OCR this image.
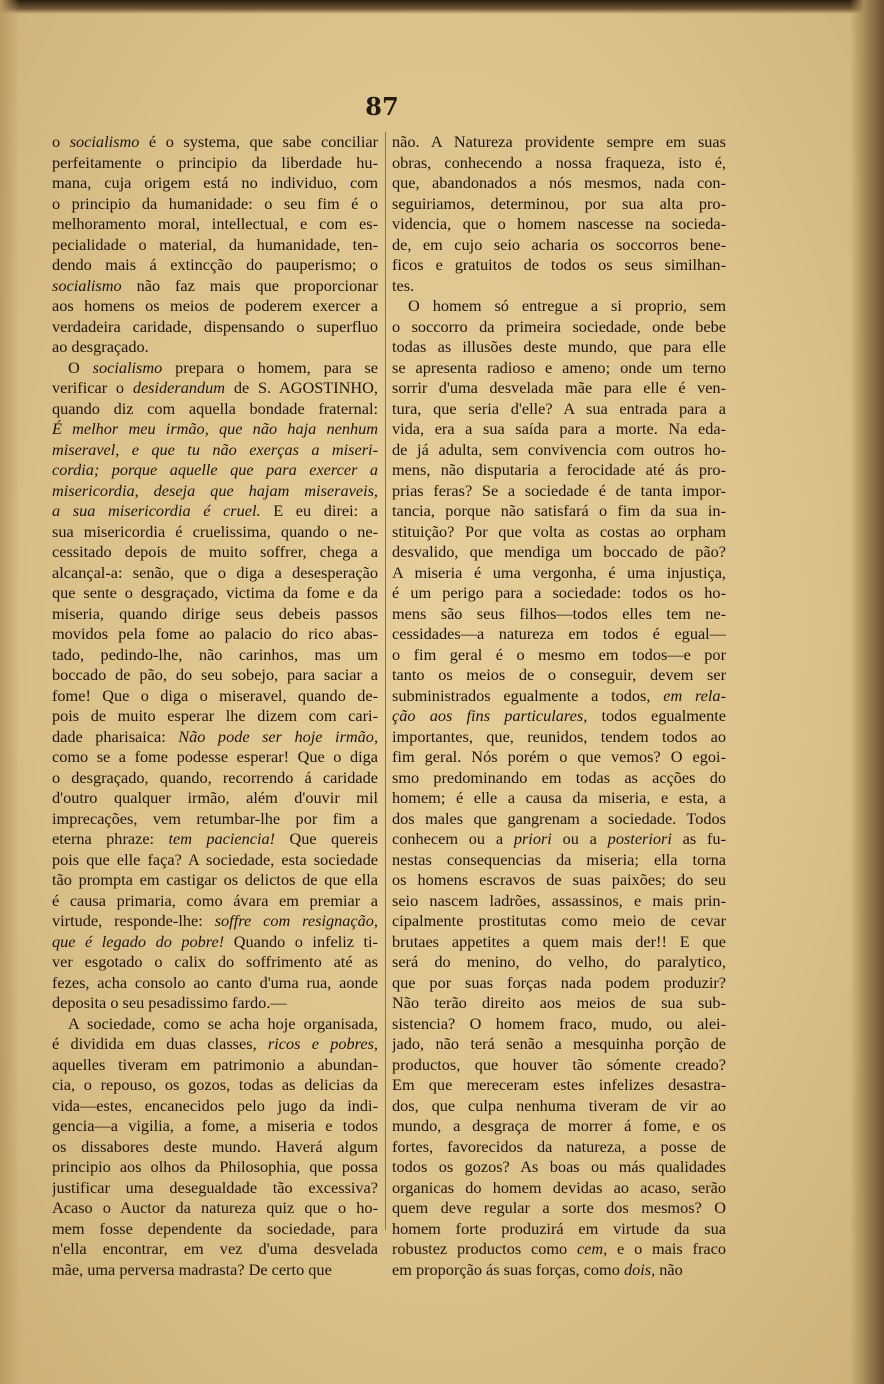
87
o socialismo é o systema, que sabe conciliar
perfeitamente o principio da liberdade hu-
mana, cuja origem está no individuo, com
o principio da humanidade: o seu fim é o
melhoramento moral, intellectual, e com es-
pecialidade o material, da humanidade, ten-
dendo mais á extincção do pauperismo; o
socialismo não faz mais que proporcionar
aos homens os meios de poderem exercer a
verdadeira caridade, dispensando o superfluo
ao desgraçado.
O socialismo prepara o homem, para se
verificar o desiderandum de S. AGOSTINHO,
quando diz com aquella bondade fraternal:
É melhor meu irmão, que não haja nenhum
miseravel, e que tu não exerças a miseri-
cordia; porque aquelle que para exercer a
misericordia, deseja que hajam miseraveis,
a sua misericordia é cruel. E eu direi: a
sua misericordia é cruelissima, quando o ne-
cessitado depois de muito soffrer, chega a
alcançal-a: senão, que o diga a desesperação
que sente o desgraçado, victima da fome e da
miseria, quando dirige seus debeis passos
movidos pela fome ao palacio do rico abas-
tado, pedindo-lhe, não carinhos, mas um
boccado de pão, do seu sobejo, para saciar a
fome! Que o diga o miseravel, quando de-
pois de muito esperar lhe dizem com cari-
dade pharisaica: Não pode ser hoje irmão,
como se a fome podesse esperar! Que o diga
o desgraçado, quando, recorrendo á caridade
d'outro qualquer irmão, além d'ouvir mil
imprecações, vem retumbar-lhe por fim a
eterna phraze: tem paciencia! Que quereis
pois que elle faça? A sociedade, esta sociedade
tão prompta em castigar os delictos de que ella
é causa primaria, como ávara em premiar a
virtude, responde-lhe: soffre com resignação,
que é legado do pobre! Quando o infeliz ti-
ver esgotado o calix do soffrimento até as
fezes, acha consolo ao canto d'uma rua, aonde
deposita o seu pesadissimo fardo.—
A sociedade, como se acha hoje organisada,
é dividida em duas classes, ricos e pobres,
aquelles tiveram em patrimonio a abundan-
cia, o repouso, os gozos, todas as delicias da
vida—estes, encanecidos pelo jugo da indi-
gencia—a vigilia, a fome, a miseria e todos
os dissabores deste mundo. Haverá algum
principio aos olhos da Philosophia, que possa
justificar uma desegualdade tão excessiva?
Acaso o Auctor da natureza quiz que o ho-
mem fosse dependente da sociedade, para
n'ella encontrar, em vez d'uma desvelada
mãe, uma perversa madrasta? De certo que
não. A Natureza providente sempre em suas
obras, conhecendo a nossa fraqueza, isto é,
que, abandonados a nós mesmos, nada con-
seguiriamos, determinou, por sua alta pro-
videncia, que o homem nascesse na socieda-
de, em cujo seio acharia os soccorros bene-
ficos e gratuitos de todos os seus similhan-
tes.
O homem só entregue a si proprio, sem
o soccorro da primeira sociedade, onde bebe
todas as illusões deste mundo, que para elle
se apresenta radioso e ameno; onde um terno
sorrir d'uma desvelada mãe para elle é ven-
tura, que seria d'elle? A sua entrada para a
vida, era a sua saída para a morte. Na eda-
de já adulta, sem convivencia com outros ho-
mens, não disputaria a ferocidade até ás pro-
prias feras? Se a sociedade é de tanta impor-
tancia, porque não satisfará o fim da sua in-
stituição? Por que volta as costas ao orpham
desvalido, que mendiga um boccado de pão?
A miseria é uma vergonha, é uma injustiça,
é um perigo para a sociedade: todos os ho-
mens são seus filhos—todos elles tem ne-
cessidades—a natureza em todos é egual—
o fim geral é o mesmo em todos—e por
tanto os meios de o conseguir, devem ser
subministrados egualmente a todos, em rela-
ção aos fins particulares, todos egualmente
importantes, que, reunidos, tendem todos ao
fim geral. Nós porém o que vemos? O egoi-
smo predominando em todas as acções do
homem; é elle a causa da miseria, e esta, a
dos males que gangrenam a sociedade. Todos
conhecem ou a priori ou a posteriori as fu-
nestas consequencias da miseria; ella torna
os homens escravos de suas paixões; do seu
seio nascem ladrões, assassinos, e mais prin-
cipalmente prostitutas como meio de cevar
brutaes appetites a quem mais der!! E que
será do menino, do velho, do paralytico,
que por suas forças nada podem produzir?
Não terão direito aos meios de sua sub-
sistencia? O homem fraco, mudo, ou alei-
jado, não terá senão a mesquinha porção de
productos, que houver tão sómente creado?
Em que mereceram estes infelizes desastra-
dos, que culpa nenhuma tiveram de vir ao
mundo, a desgraça de morrer á fome, e os
fortes, favorecidos da natureza, a posse de
todos os gozos? As boas ou más qualidades
organicas do homem devidas ao acaso, serão
quem deve regular a sorte dos mesmos? O
homem forte produzirá em virtude da sua
robustez productos como cem, e o mais fraco
em proporção ás suas forças, como dois, não
